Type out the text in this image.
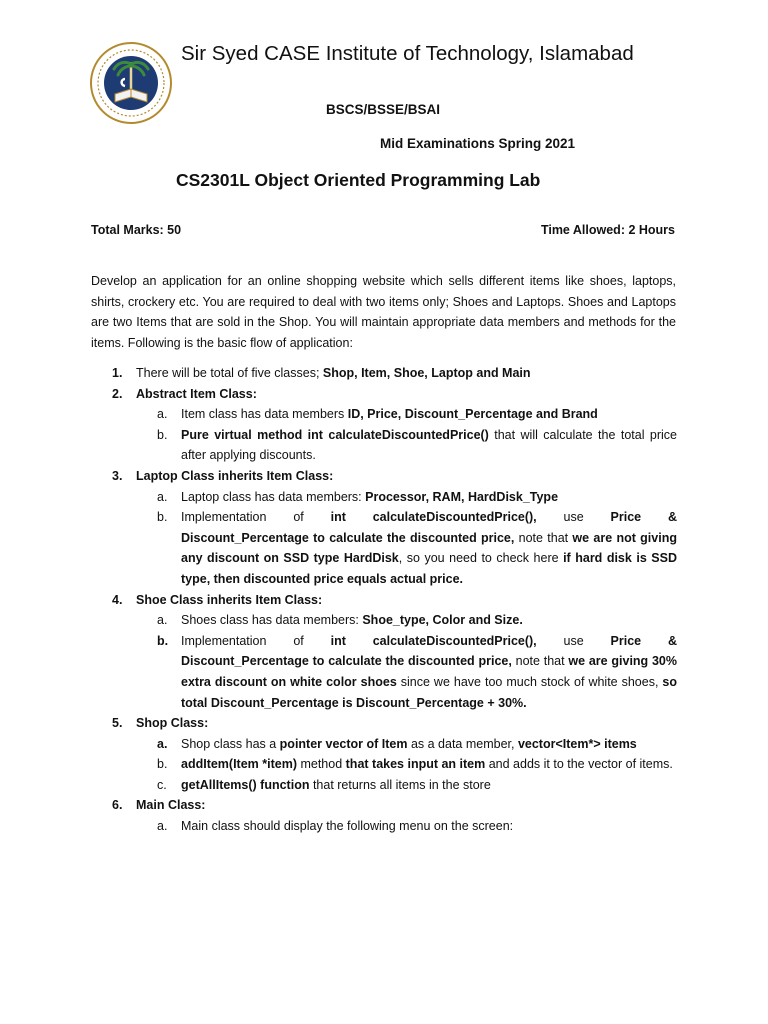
Sir Syed CASE Institute of Technology, Islamabad
BSCS/BSSE/BSAI
Mid Examinations Spring 2021
CS2301L Object Oriented Programming Lab
Total Marks: 50	Time Allowed: 2 Hours
Develop an application for an online shopping website which sells different items like shoes, laptops, shirts, crockery etc. You are required to deal with two items only; Shoes and Laptops. Shoes and Laptops are two Items that are sold in the Shop. You will maintain appropriate data members and methods for the items. Following is the basic flow of application:
1. There will be total of five classes; Shop, Item, Shoe, Laptop and Main
2. Abstract Item Class:
a. Item class has data members ID, Price, Discount_Percentage and Brand
b. Pure virtual method int calculateDiscountedPrice() that will calculate the total price after applying discounts.
3. Laptop Class inherits Item Class:
a. Laptop class has data members: Processor, RAM, HardDisk_Type
b. Implementation of int calculateDiscountedPrice(), use Price &
Discount_Percentage to calculate the discounted price, note that we are not giving any discount on SSD type HardDisk, so you need to check here if hard disk is SSD type, then discounted price equals actual price.
4. Shoe Class inherits Item Class:
a. Shoes class has data members: Shoe_type, Color and Size.
b. Implementation of int calculateDiscountedPrice(), use Price &
Discount_Percentage to calculate the discounted price, note that we are giving 30% extra discount on white color shoes since we have too much stock of white shoes, so total Discount_Percentage is Discount_Percentage + 30%.
5. Shop Class:
a. Shop class has a pointer vector of Item as a data member, vector<Item*> items
b. addItem(Item *item) method that takes input an item and adds it to the vector of items.
c. getAllItems() function that returns all items in the store
6. Main Class:
a. Main class should display the following menu on the screen:
